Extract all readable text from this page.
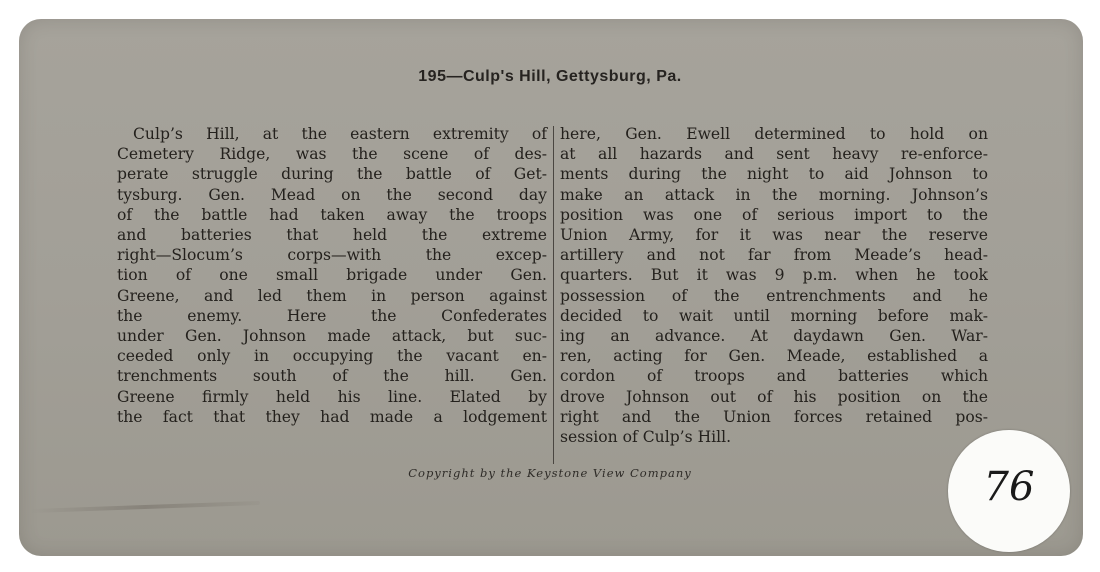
195—Culp's Hill, Gettysburg, Pa.
Culp’s Hill, at the eastern extremity of
Cemetery Ridge, was the scene of des-
perate struggle during the battle of Get-
tysburg. Gen. Mead on the second day
of the battle had taken away the troops
and batteries that held the extreme
right—Slocum’s corps—with the excep-
tion of one small brigade under Gen.
Greene, and led them in person against
the enemy. Here the Confederates
under Gen. Johnson made attack, but suc-
ceeded only in occupying the vacant en-
trenchments south of the hill. Gen.
Greene firmly held his line. Elated by
the fact that they had made a lodgement
here, Gen. Ewell determined to hold on
at all hazards and sent heavy re-enforce-
ments during the night to aid Johnson to
make an attack in the morning. Johnson’s
position was one of serious import to the
Union Army, for it was near the reserve
artillery and not far from Meade’s head-
quarters. But it was 9 p.m. when he took
possession of the entrenchments and he
decided to wait until morning before mak-
ing an advance. At daydawn Gen. War-
ren, acting for Gen. Meade, established a
cordon of troops and batteries which
drove Johnson out of his position on the
right and the Union forces retained pos-
session of Culp’s Hill.
Copyright by the Keystone View Company	76
